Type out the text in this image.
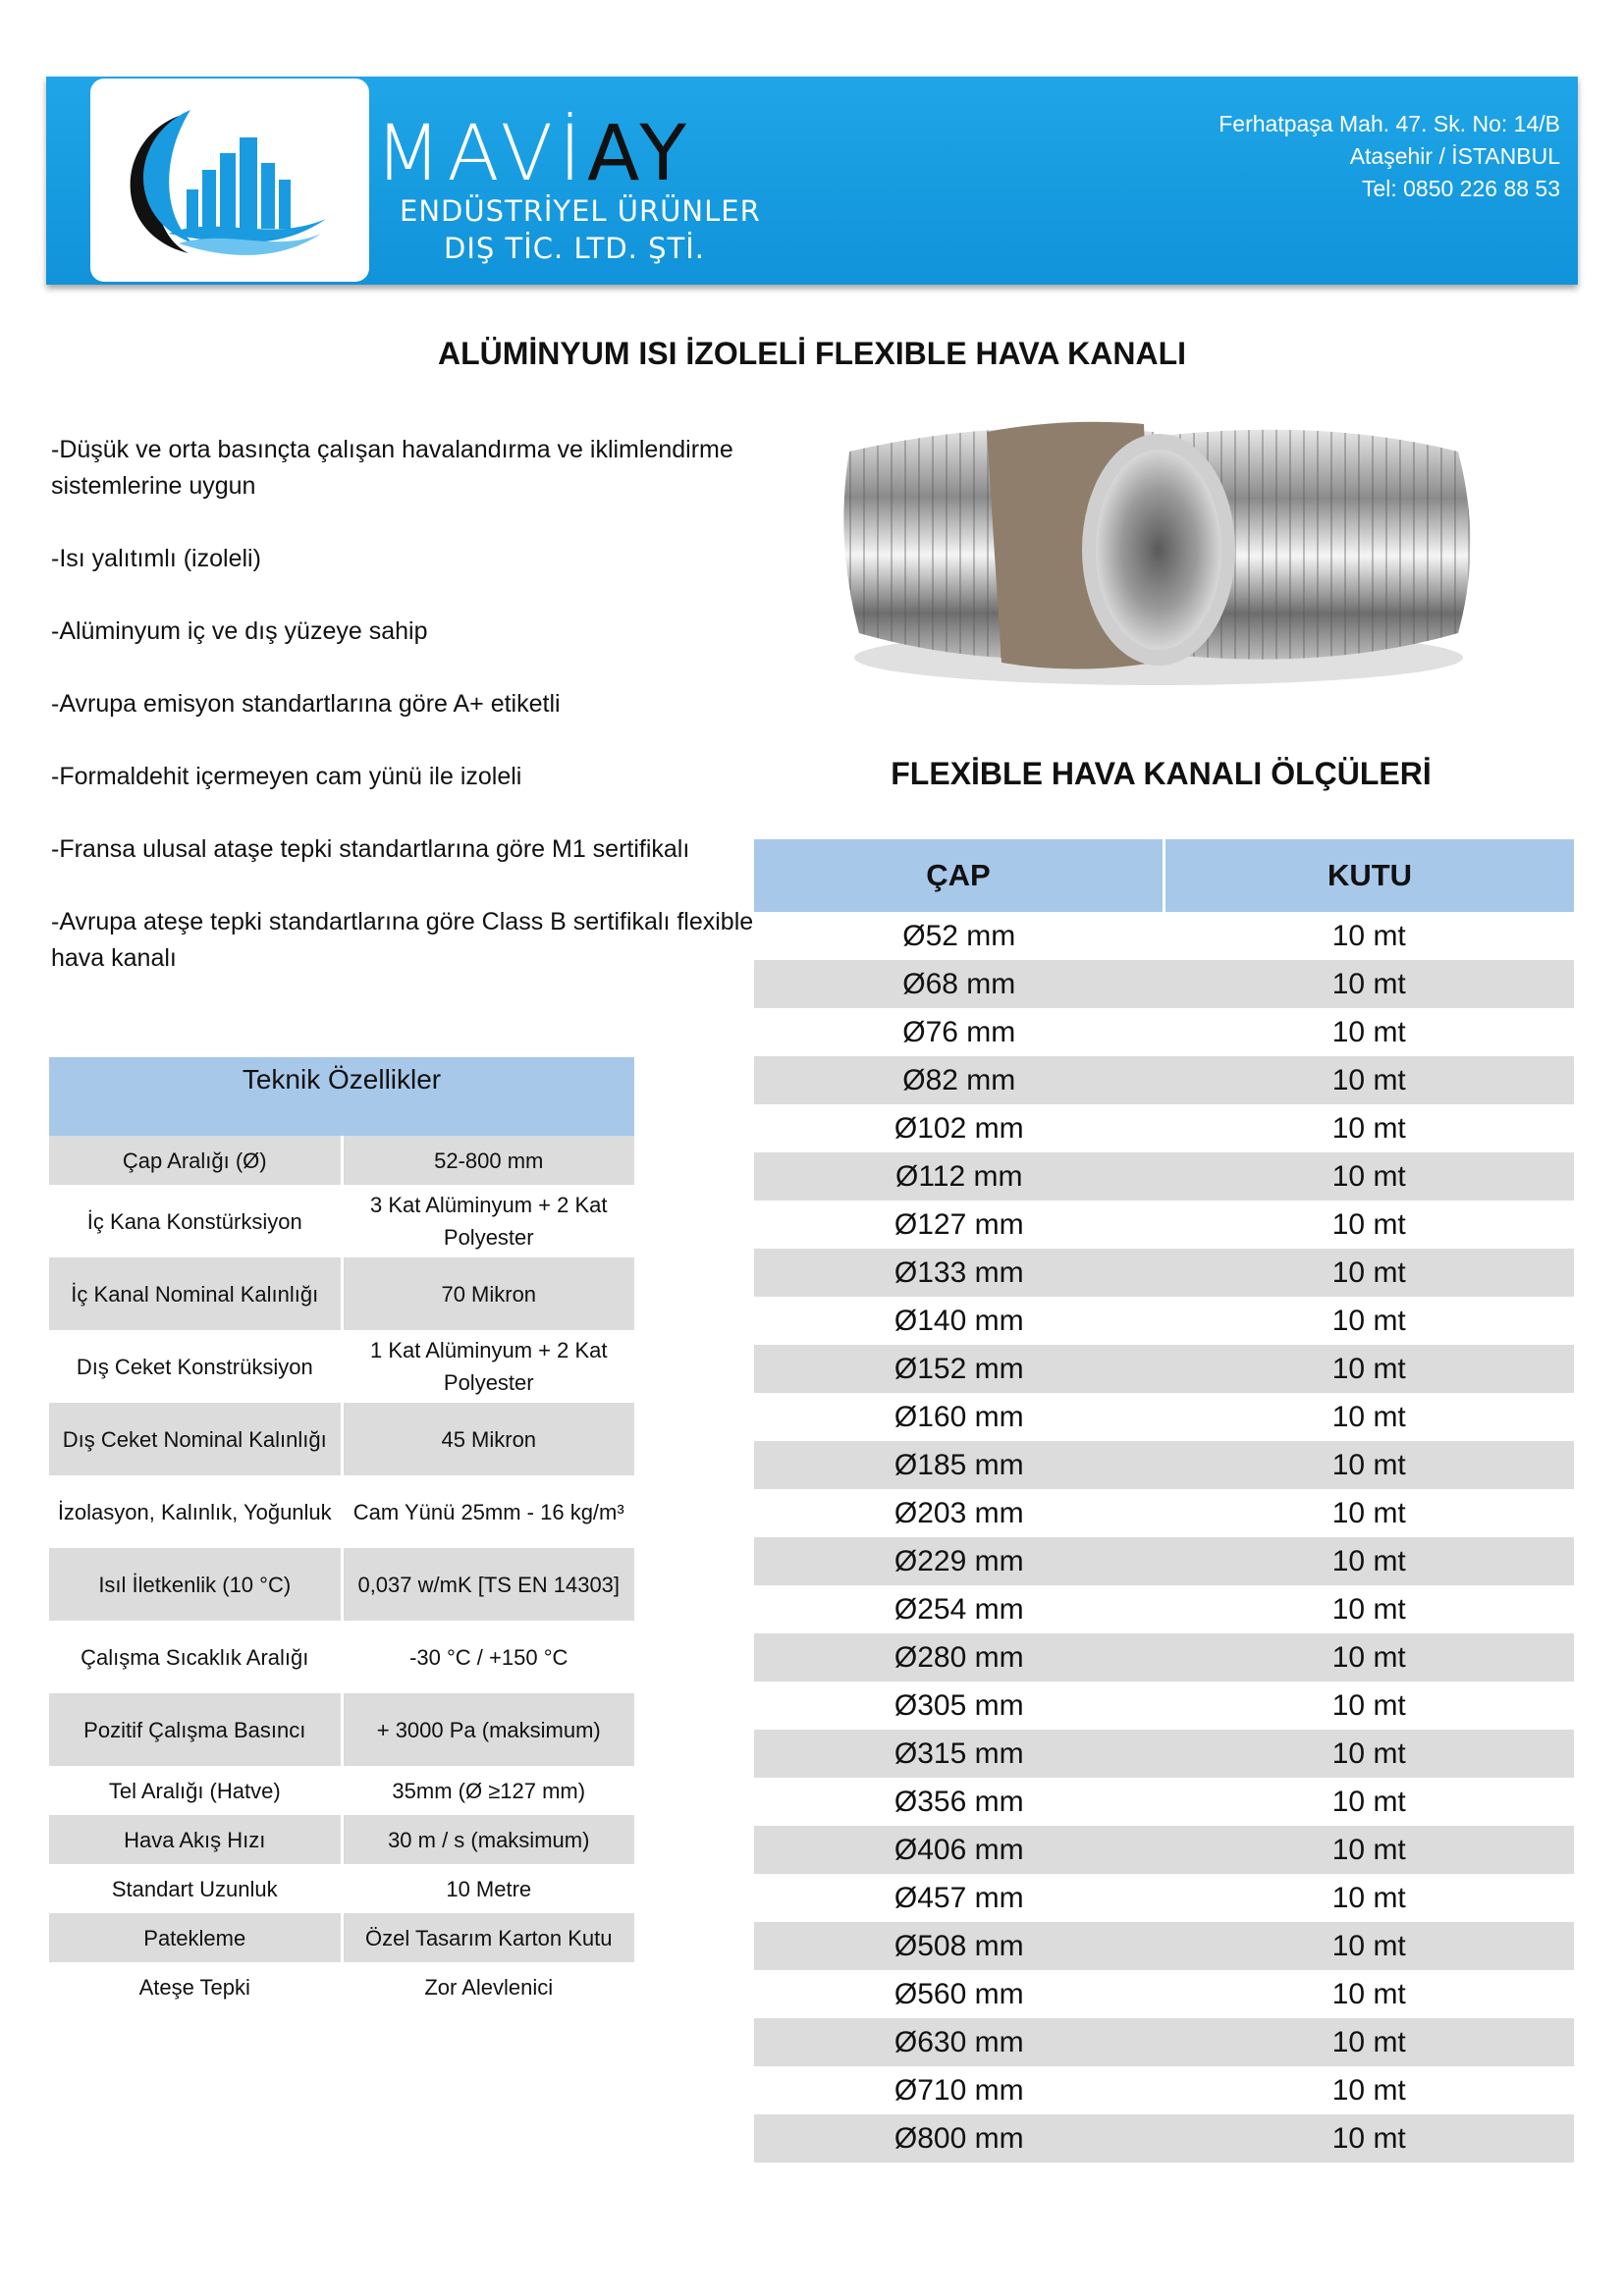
MAVİAY
ENDÜSTRİYEL ÜRÜNLER
DIŞ TİC. LTD. ŞTİ.
Ferhatpaşa Mah. 47. Sk. No: 14/B
Ataşehir / İSTANBUL
Tel: 0850 226 88 53
ALÜMİNYUM ISI İZOLELİ FLEXIBLE HAVA KANALI

-Düşük ve orta basınçta çalışan havalandırma ve iklimlendirme sistemlerine uygun

-Isı yalıtımlı (izoleli)

-Alüminyum iç ve dış yüzeye sahip

-Avrupa emisyon standartlarına göre A+ etiketli

-Formaldehit içermeyen cam yünü ile izoleli

-Fransa ulusal ataşe tepki standartlarına göre M1 sertifikalı

-Avrupa ateşe tepki standartlarına göre Class B sertifikalı flexible hava kanalı

Teknik Özellikler	
Çap Aralığı (Ø)	52-800 mm
İç Kana Konstürksiyon	3 Kat Alüminyum + 2 Kat Polyester
İç Kanal Nominal Kalınlığı	70 Mikron
Dış Ceket Konstrüksiyon	1 Kat Alüminyum + 2 Kat Polyester
Dış Ceket Nominal Kalınlığı	45 Mikron
İzolasyon, Kalınlık, Yoğunluk	Cam Yünü 25mm - 16 kg/m³
Isıl İletkenlik (10 °C)	0,037 w/mK [TS EN 14303]
Çalışma Sıcaklık Aralığı	-30 °C / +150 °C
Pozitif Çalışma Basıncı	+ 3000 Pa (maksimum)
Tel Aralığı (Hatve)	35mm (Ø ≥127 mm)
Hava Akış Hızı	30 m / s (maksimum)
Standart Uzunluk	10 Metre
Patekleme	Özel Tasarım Karton Kutu
Ateşe Tepki	Zor Alevlenici
FLEXİBLE HAVA KANALI ÖLÇÜLERİ
ÇAP	KUTU
Ø52 mm	10 mt
Ø68 mm	10 mt
Ø76 mm	10 mt
Ø82 mm	10 mt
Ø102 mm	10 mt
Ø112 mm	10 mt
Ø127 mm	10 mt
Ø133 mm	10 mt
Ø140 mm	10 mt
Ø152 mm	10 mt
Ø160 mm	10 mt
Ø185 mm	10 mt
Ø203 mm	10 mt
Ø229 mm	10 mt
Ø254 mm	10 mt
Ø280 mm	10 mt
Ø305 mm	10 mt
Ø315 mm	10 mt
Ø356 mm	10 mt
Ø406 mm	10 mt
Ø457 mm	10 mt
Ø508 mm	10 mt
Ø560 mm	10 mt
Ø630 mm	10 mt
Ø710 mm	10 mt
Ø800 mm	10 mt
